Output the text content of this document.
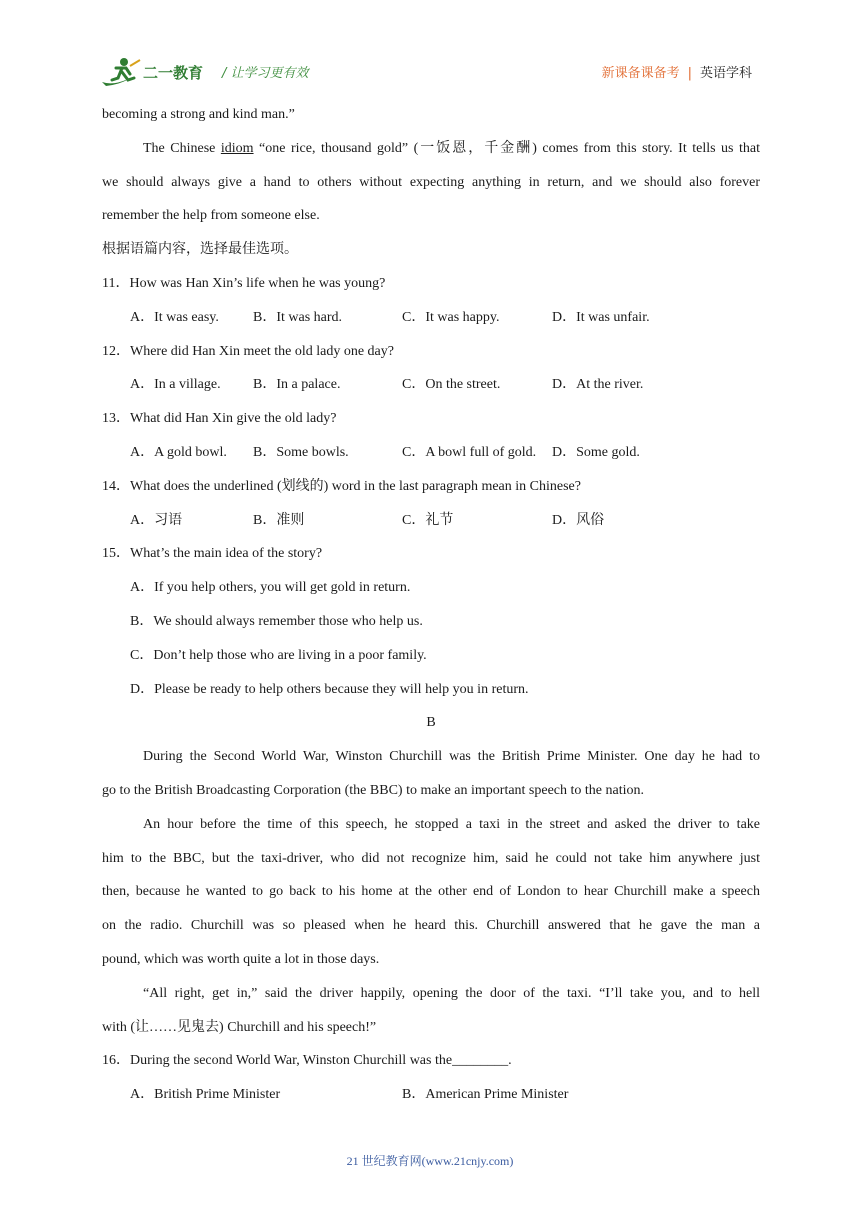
二一教育 / 让学习更有效	新课备课备考 | 英语学科
becoming a strong and kind man.”
The Chinese idiom “one rice, thousand gold” (一饭恩，千金酬) comes from this story. It tells us that
we should always give a hand to others without expecting anything in return, and we should also forever
remember the help from someone else.
根据语篇内容，选择最佳选项。
11．How was Han Xin’s life when he was young?
A．It was easy. B．It was hard.	C．It was happy.	D．It was unfair.
12．Where did Han Xin meet the old lady one day?
A．In a village. B．In a palace.	C．On the street.	D．At the river.
13．What did Han Xin give the old lady?
A．A gold bowl. B．Some bowls.	C．A bowl full of gold. D．Some gold.
14．What does the underlined (划线的) word in the last paragraph mean in Chinese?
A．习语	B．准则	C．礼节	D．风俗
15．What’s the main idea of the story?
A．If you help others, you will get gold in return.
B．We should always remember those who help us.
C．Don’t help those who are living in a poor family.
D．Please be ready to help others because they will help you in return.
B
During the Second World War, Winston Churchill was the British Prime Minister. One day he had to
go to the British Broadcasting Corporation (the BBC) to make an important speech to the nation.
An hour before the time of this speech, he stopped a taxi in the street and asked the driver to take
him to the BBC, but the taxi-driver, who did not recognize him, said he could not take him anywhere just
then, because he wanted to go back to his home at the other end of London to hear Churchill make a speech
on the radio. Churchill was so pleased when he heard this. Churchill answered that he gave the man a
pound, which was worth quite a lot in those days.
“All right, get in,” said the driver happily, opening the door of the taxi. “I’ll take you, and to hell
with (让……见鬼去) Churchill and his speech!”
16．During the second World War, Winston Churchill was the________.
A．British Prime Minister	B．American Prime Minister
21 世纪教育网(www.21cnjy.com)
